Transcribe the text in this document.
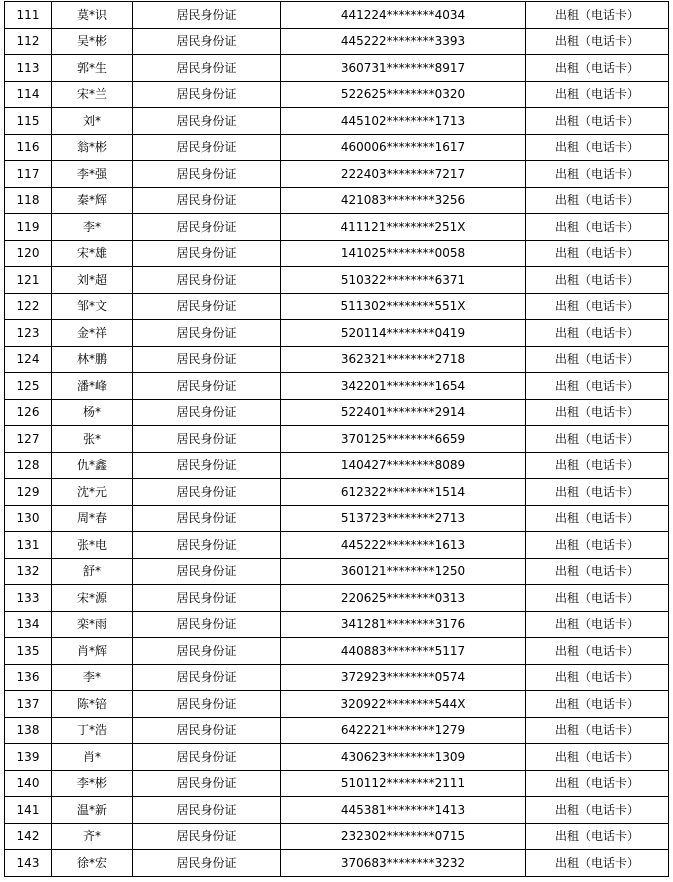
111	莫*识	居民身份证	441224********4034	出租（电话卡）
112	吴*彬	居民身份证	445222********3393	出租（电话卡）
113	郭*生	居民身份证	360731********8917	出租（电话卡）
114	宋*兰	居民身份证	522625********0320	出租（电话卡）
115	刘*	居民身份证	445102********1713	出租（电话卡）
116	翁*彬	居民身份证	460006********1617	出租（电话卡）
117	李*强	居民身份证	222403********7217	出租（电话卡）
118	秦*辉	居民身份证	421083********3256	出租（电话卡）
119	李*	居民身份证	411121********251X	出租（电话卡）
120	宋*雄	居民身份证	141025********0058	出租（电话卡）
121	刘*超	居民身份证	510322********6371	出租（电话卡）
122	邹*文	居民身份证	511302********551X	出租（电话卡）
123	金*祥	居民身份证	520114********0419	出租（电话卡）
124	林*鹏	居民身份证	362321********2718	出租（电话卡）
125	潘*峰	居民身份证	342201********1654	出租（电话卡）
126	杨*	居民身份证	522401********2914	出租（电话卡）
127	张*	居民身份证	370125********6659	出租（电话卡）
128	仇*鑫	居民身份证	140427********8089	出租（电话卡）
129	沈*元	居民身份证	612322********1514	出租（电话卡）
130	周*春	居民身份证	513723********2713	出租（电话卡）
131	张*电	居民身份证	445222********1613	出租（电话卡）
132	舒*	居民身份证	360121********1250	出租（电话卡）
133	宋*源	居民身份证	220625********0313	出租（电话卡）
134	栾*雨	居民身份证	341281********3176	出租（电话卡）
135	肖*辉	居民身份证	440883********5117	出租（电话卡）
136	李*	居民身份证	372923********0574	出租（电话卡）
137	陈*锫	居民身份证	320922********544X	出租（电话卡）
138	丁*浩	居民身份证	642221********1279	出租（电话卡）
139	肖*	居民身份证	430623********1309	出租（电话卡）
140	李*彬	居民身份证	510112********2111	出租（电话卡）
141	温*新	居民身份证	445381********1413	出租（电话卡）
142	齐*	居民身份证	232302********0715	出租（电话卡）
143	徐*宏	居民身份证	370683********3232	出租（电话卡）
